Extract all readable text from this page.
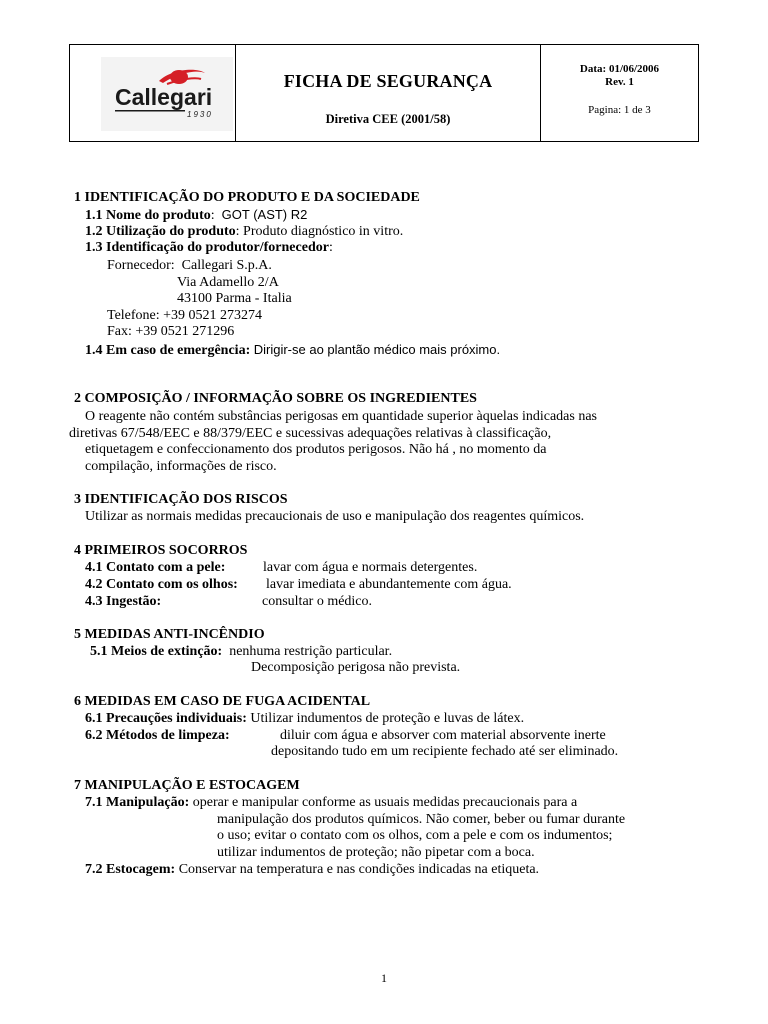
Callegari
1930
FICHA DE SEGURANÇA
Diretiva CEE (2001/58)
Data: 01/06/2006
Rev. 1
Pagina: 1 de 3
1 IDENTIFICAÇÃO DO PRODUTO E DA SOCIEDADE
1.1 Nome do produto: GOT (AST) R2
1.2 Utilização do produto: Produto diagnóstico in vitro.
1.3 Identificação do produtor/fornecedor:
Fornecedor: Callegari S.p.A.
Via Adamello 2/A
43100 Parma - Italia
Telefone: +39 0521 273274
Fax: +39 0521 271296
1.4 Em caso de emergência: Dirigir-se ao plantão médico mais próximo.
2 COMPOSIÇÃO / INFORMAÇÃO SOBRE OS INGREDIENTES
O reagente não contém substâncias perigosas em quantidade superior àquelas indicadas nas
diretivas 67/548/EEC e 88/379/EEC e sucessivas adequações relativas à classificação,
etiquetagem e confeccionamento dos produtos perigosos. Não há , no momento da
compilação, informações de risco.
3 IDENTIFICAÇÃO DOS RISCOS
Utilizar as normais medidas precaucionais de uso e manipulação dos reagentes químicos.
4 PRIMEIROS SOCORROS
4.1 Contato com a pele:	lavar com água e normais detergentes.
4.2 Contato com os olhos: lavar imediata e abundantemente com água.
4.3 Ingestão:	consultar o médico.
5 MEDIDAS ANTI-INCÊNDIO
5.1 Meios de extinção: nenhuma restrição particular.
Decomposição perigosa não prevista.
6 MEDIDAS EM CASO DE FUGA ACIDENTAL
6.1 Precauções individuais: Utilizar indumentos de proteção e luvas de látex.
6.2 Métodos de limpeza:	diluir com água e absorver com material absorvente inerte
depositando tudo em um recipiente fechado até ser eliminado.
7 MANIPULAÇÃO E ESTOCAGEM
7.1 Manipulação: operar e manipular conforme as usuais medidas precaucionais para a
manipulação dos produtos químicos. Não comer, beber ou fumar durante
o uso; evitar o contato com os olhos, com a pele e com os indumentos;
utilizar indumentos de proteção; não pipetar com a boca.
7.2 Estocagem: Conservar na temperatura e nas condições indicadas na etiqueta.
1
